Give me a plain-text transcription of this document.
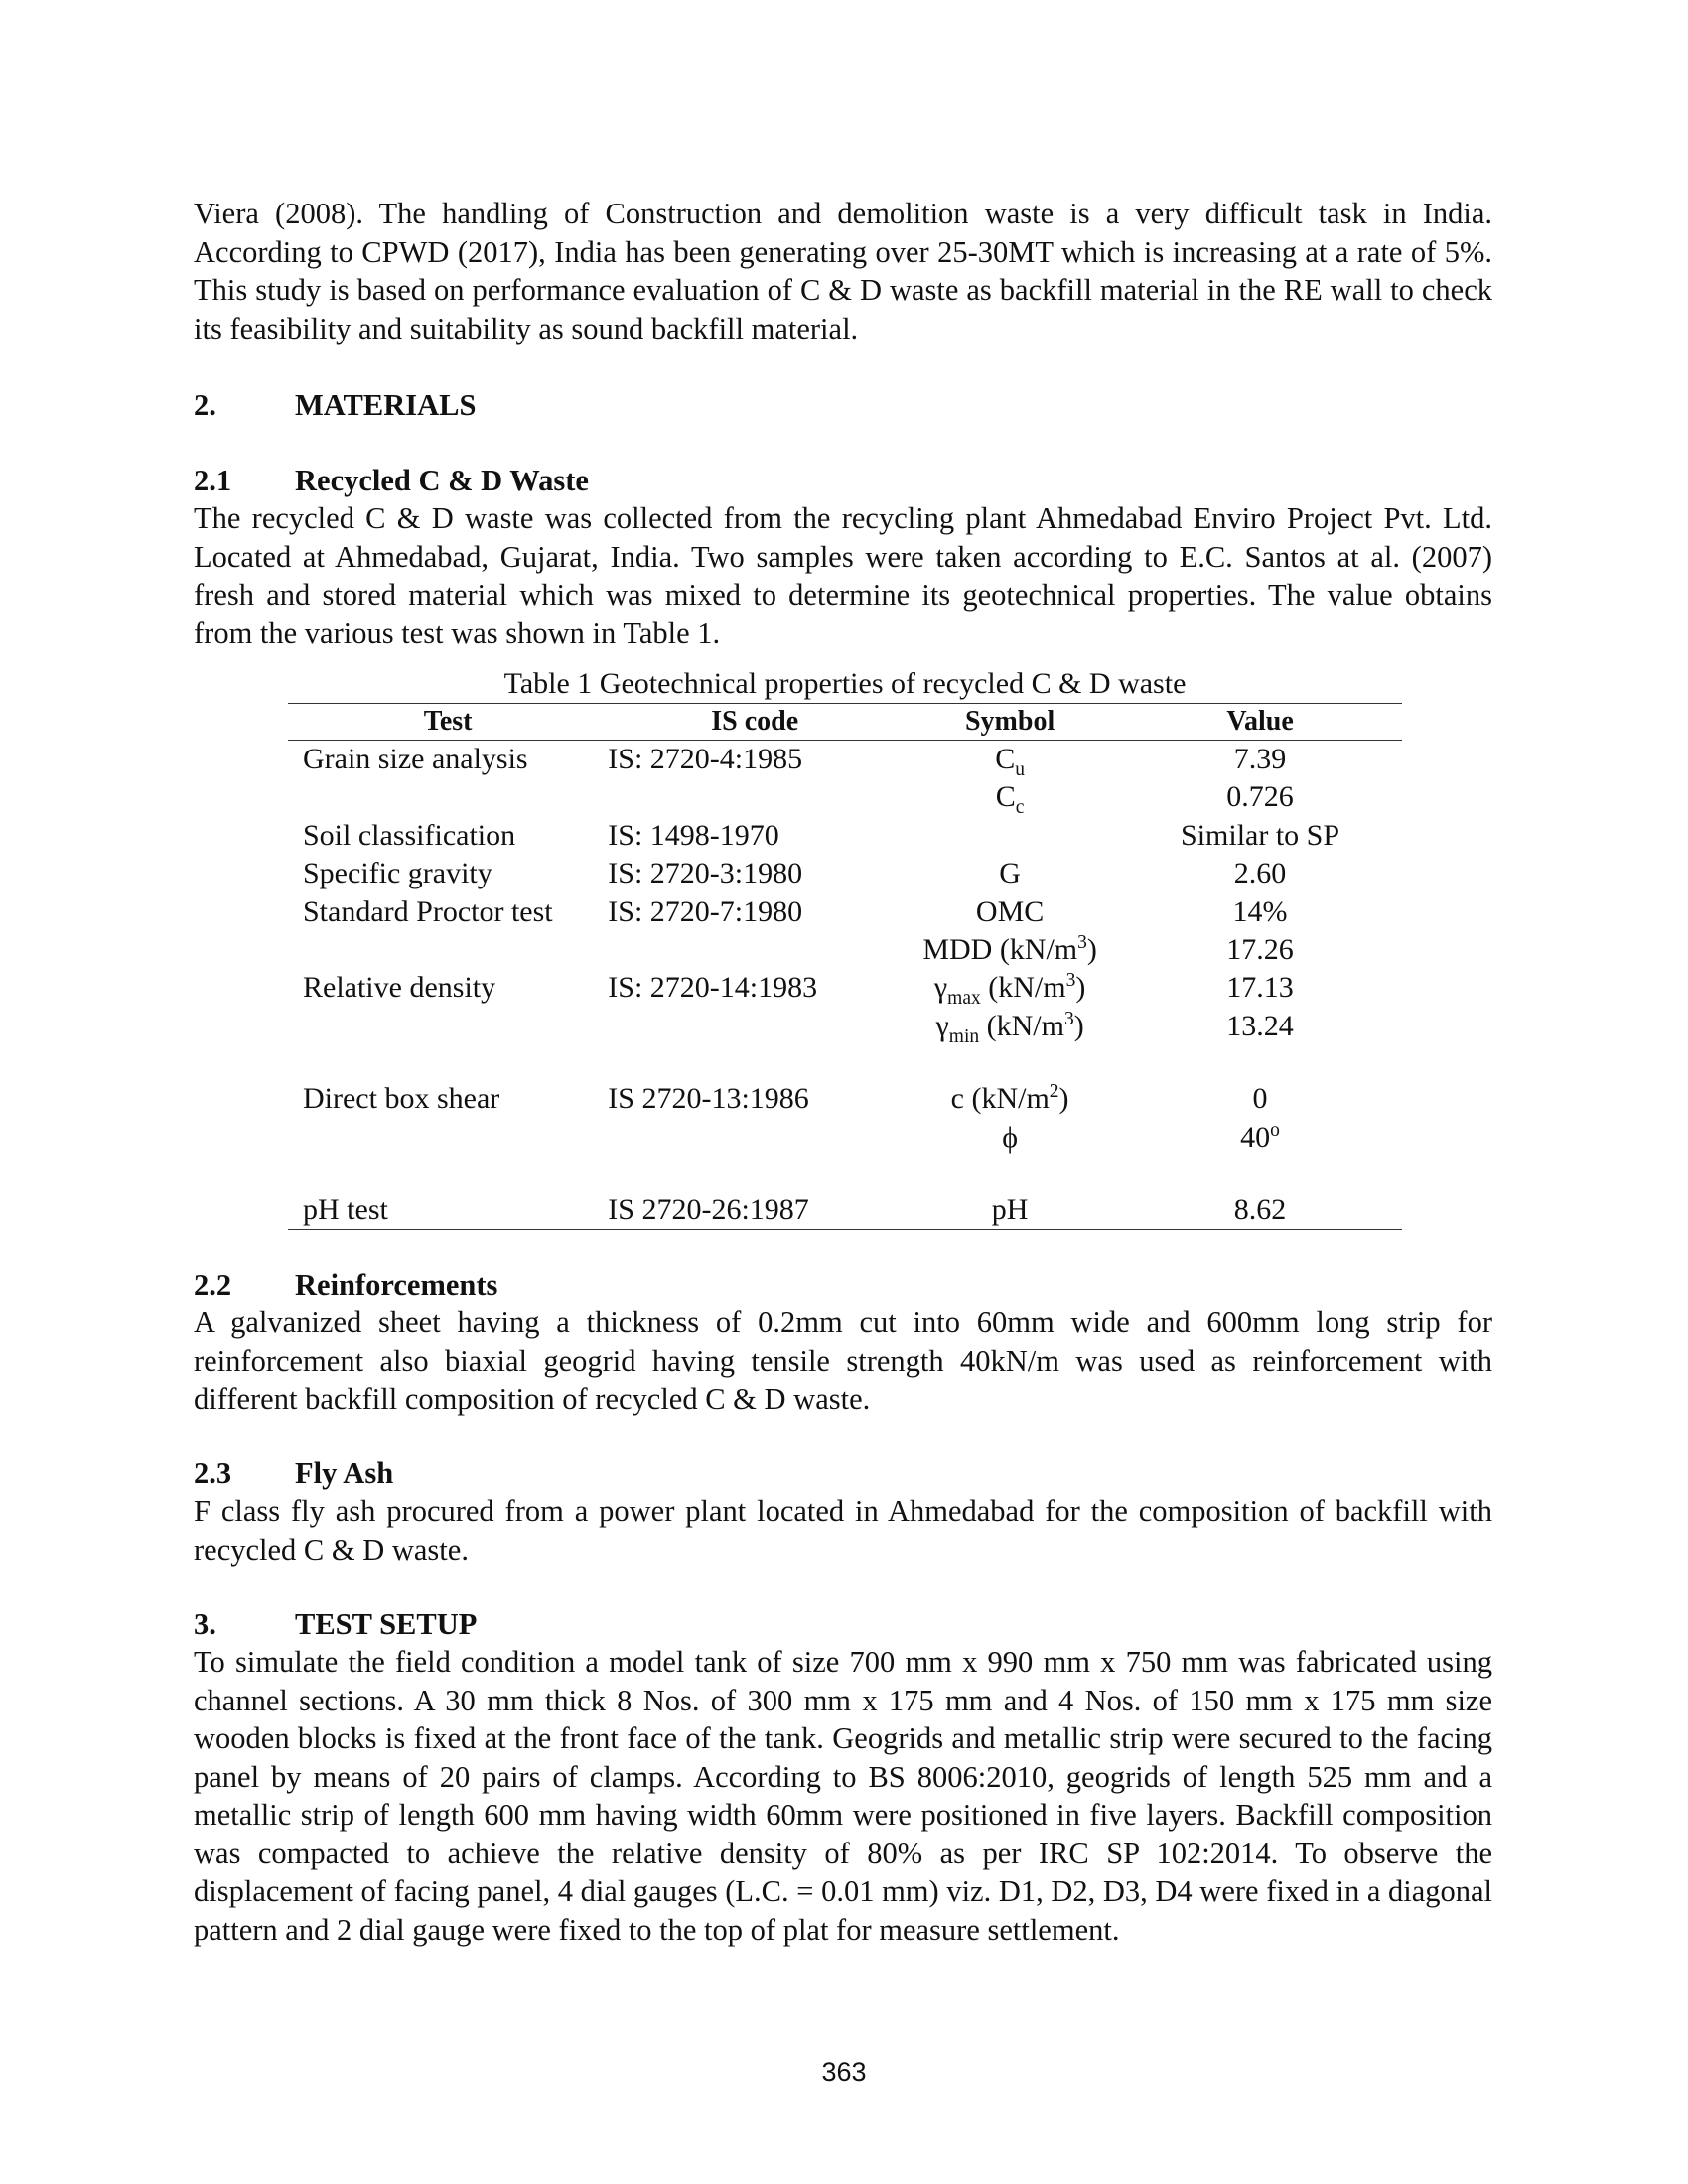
Viera (2008). The handling of Construction and demolition waste is a very difficult task in India. According to CPWD (2017), India has been generating over 25-30MT which is increasing at a rate of 5%. This study is based on performance evaluation of C & D waste as backfill material in the RE wall to check its feasibility and suitability as sound backfill material.

2.	MATERIALS
2.1 Recycled C & D Waste

The recycled C & D waste was collected from the recycling plant Ahmedabad Enviro Project Pvt. Ltd. Located at Ahmedabad, Gujarat, India. Two samples were taken according to E.C. Santos at al. (2007) fresh and stored material which was mixed to determine its geotechnical properties. The value obtains from the various test was shown in Table 1.

Table 1 Geotechnical properties of recycled C & D waste
Test	IS code	Symbol	Value
Grain size analysis	IS: 2720-4:1985	$C_u$	7.39
		$C_c$	0.726
Soil classification	IS: 1498-1970		Similar to SP
Specific gravity	IS: 2720-3:1980	G	2.60
Standard Proctor test	IS: 2720-7:1980	OMC	14%
		MDD $(kN/m^3)$	17.26
Relative density	IS: 2720-14:1983	$\gamma_{max}$ $(kN/m^3)$	17.13
		$\gamma_{min}$ $(kN/m^3)$	13.24

Direct box shear	IS 2720-13:1986	c $(kN/m^2)$	0
		ϕ	40$^o$

pH test	IS 2720-26:1987	pH	8.62
2.2 Reinforcements

A galvanized sheet having a thickness of 0.2mm cut into 60mm wide and 600mm long strip for reinforcement also biaxial geogrid having tensile strength 40kN/m was used as reinforcement with different backfill composition of recycled C & D waste.

2.3 Fly Ash

F class fly ash procured from a power plant located in Ahmedabad for the composition of backfill with recycled C & D waste.

3.	TEST SETUP

To simulate the field condition a model tank of size 700 mm x 990 mm x 750 mm was fabricated using channel sections. A 30 mm thick 8 Nos. of 300 mm x 175 mm and 4 Nos. of 150 mm x 175 mm size wooden blocks is fixed at the front face of the tank. Geogrids and metallic strip were secured to the facing panel by means of 20 pairs of clamps. According to BS 8006:2010, geogrids of length 525 mm and a metallic strip of length 600 mm having width 60mm were positioned in five layers. Backfill composition was compacted to achieve the relative density of 80% as per IRC SP 102:2014. To observe the displacement of facing panel, 4 dial gauges (L.C. = 0.01 mm) viz. D1, D2, D3, D4 were fixed in a diagonal pattern and 2 dial gauge were fixed to the top of plat for measure settlement.

363
